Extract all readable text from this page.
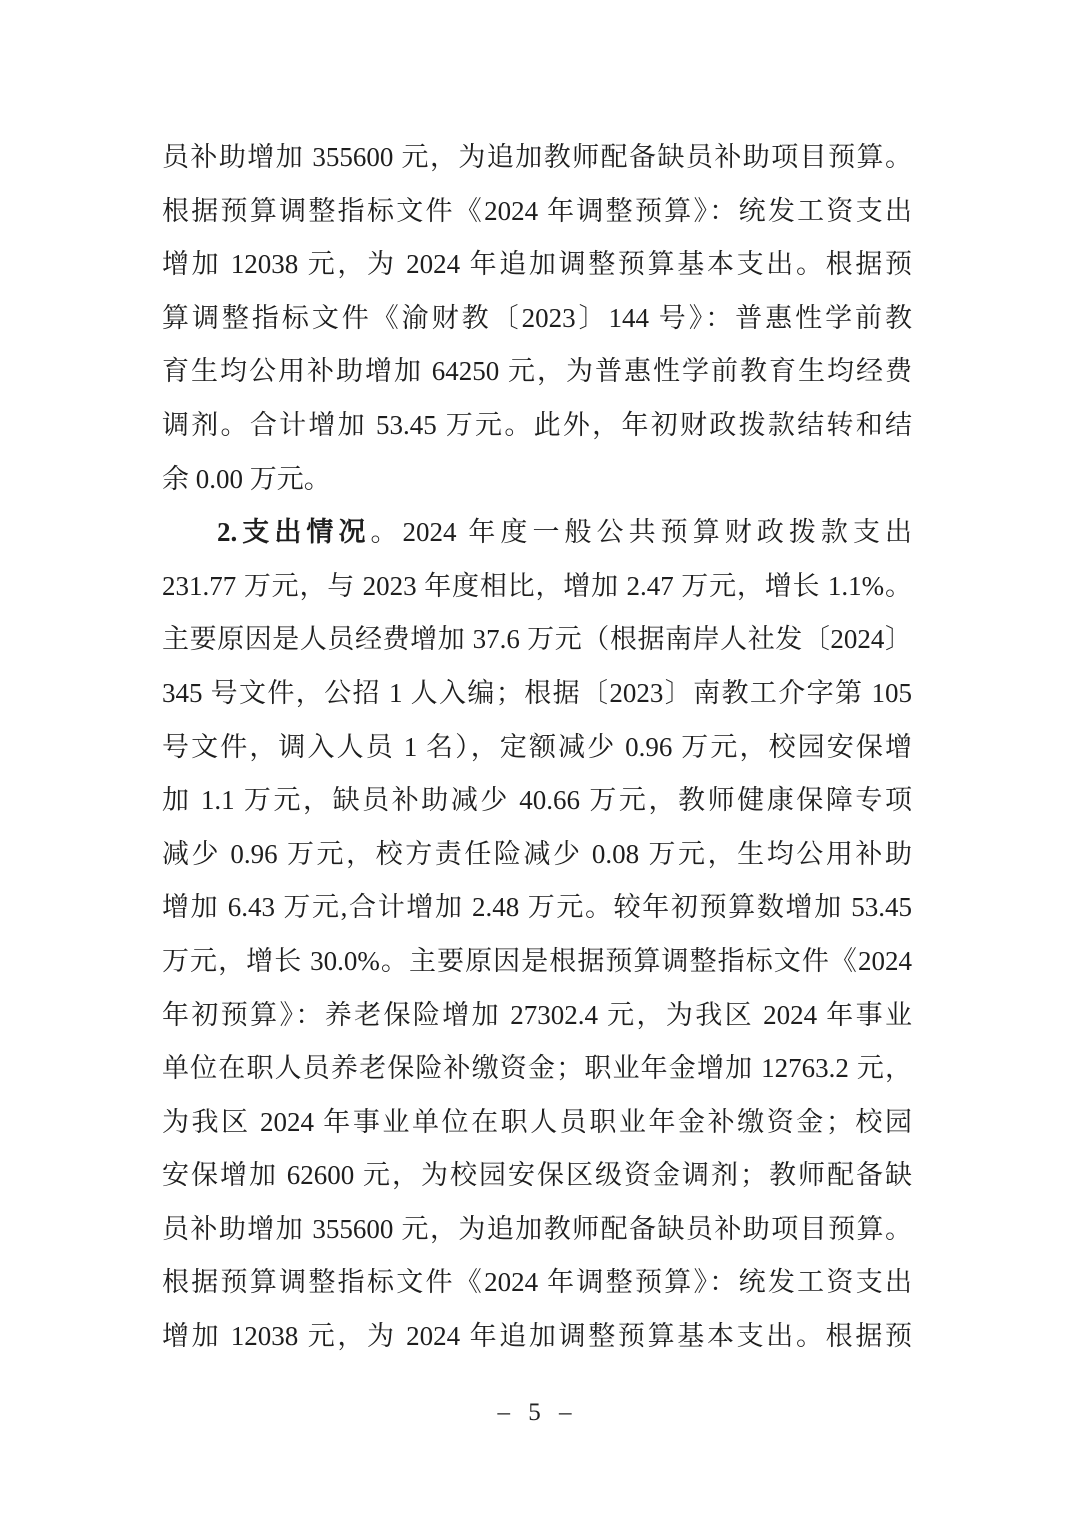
员补助增加 355600 元，为追加教师配备缺员补助项目预算。
根据预算调整指标文件《2024 年调整预算》：统发工资支出
增加 12038 元，为 2024 年追加调整预算基本支出。根据预
算调整指标文件《渝财教〔2023〕144 号》：普惠性学前教
育生均公用补助增加 64250 元，为普惠性学前教育生均经费
调剂。合计增加 53.45 万元。此外，年初财政拨款结转和结
余 0.00 万元。
2.支出情况。2024 年度一般公共预算财政拨款支出
231.77 万元，与 2023 年度相比，增加 2.47 万元，增长 1.1%。
主要原因是人员经费增加 37.6 万元（根据南岸人社发〔2024〕
345 号文件，公招 1 人入编；根据〔2023〕南教工介字第 105
号文件，调入人员 1 名），定额减少 0.96 万元，校园安保增
加 1.1 万元，缺员补助减少 40.66 万元，教师健康保障专项
减少 0.96 万元，校方责任险减少 0.08 万元，生均公用补助
增加 6.43 万元,合计增加 2.48 万元。较年初预算数增加 53.45
万元，增长 30.0%。主要原因是根据预算调整指标文件《2024
年初预算》：养老保险增加 27302.4 元，为我区 2024 年事业
单位在职人员养老保险补缴资金；职业年金增加 12763.2 元，
为我区 2024 年事业单位在职人员职业年金补缴资金；校园
安保增加 62600 元，为校园安保区级资金调剂；教师配备缺
员补助增加 355600 元，为追加教师配备缺员补助项目预算。
根据预算调整指标文件《2024 年调整预算》：统发工资支出
增加 12038 元，为 2024 年追加调整预算基本支出。根据预
– 5 –
